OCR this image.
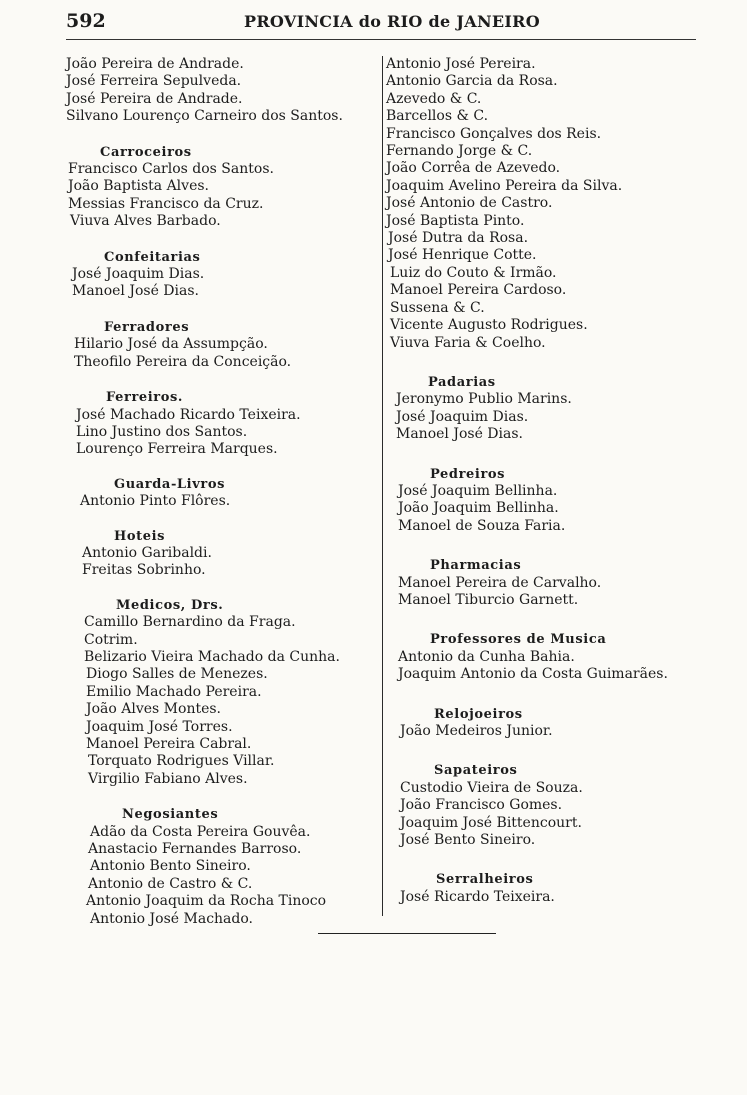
592	PROVINCIA do RIO de JANEIRO
João Pereira de Andrade.
José Ferreira Sepulveda.
José Pereira de Andrade.
Silvano Lourenço Carneiro dos Santos.
Carroceiros
Francisco Carlos dos Santos.
João Baptista Alves.
Messias Francisco da Cruz.
Viuva Alves Barbado.
Confeitarias
José Joaquim Dias.
Manoel José Dias.
Ferradores
Hilario José da Assumpção.
Theofilo Pereira da Conceição.
Ferreiros.
José Machado Ricardo Teixeira.
Lino Justino dos Santos.
Lourenço Ferreira Marques.
Guarda-Livros
Antonio Pinto Flôres.
Hoteis
Antonio Garibaldi.
Freitas Sobrinho.
Medicos, Drs.
Camillo Bernardino da Fraga.
Cotrim.
Belizario Vieira Machado da Cunha.
Diogo Salles de Menezes.
Emilio Machado Pereira.
João Alves Montes.
Joaquim José Torres.
Manoel Pereira Cabral.
Torquato Rodrigues Villar.
Virgilio Fabiano Alves.
Negosiantes
Adão da Costa Pereira Gouvêa.
Anastacio Fernandes Barroso.
Antonio Bento Sineiro.
Antonio de Castro & C.
Antonio Joaquim da Rocha Tinoco
Antonio José Machado.
Antonio José Pereira.
Antonio Garcia da Rosa.
Azevedo & C.
Barcellos & C.
Francisco Gonçalves dos Reis.
Fernando Jorge & C.
João Corrêa de Azevedo.
Joaquim Avelino Pereira da Silva.
José Antonio de Castro.
José Baptista Pinto.
José Dutra da Rosa.
José Henrique Cotte.
Luiz do Couto & Irmão.
Manoel Pereira Cardoso.
Sussena & C.
Vicente Augusto Rodrigues.
Viuva Faria & Coelho.
Padarias
Jeronymo Publio Marins.
José Joaquim Dias.
Manoel José Dias.
Pedreiros
José Joaquim Bellinha.
João Joaquim Bellinha.
Manoel de Souza Faria.
Pharmacias
Manoel Pereira de Carvalho.
Manoel Tiburcio Garnett.
Professores de Musica
Antonio da Cunha Bahia.
Joaquim Antonio da Costa Guimarães.
Relojoeiros
João Medeiros Junior.
Sapateiros
Custodio Vieira de Souza.
João Francisco Gomes.
Joaquim José Bittencourt.
José Bento Sineiro.
Serralheiros
José Ricardo Teixeira.
